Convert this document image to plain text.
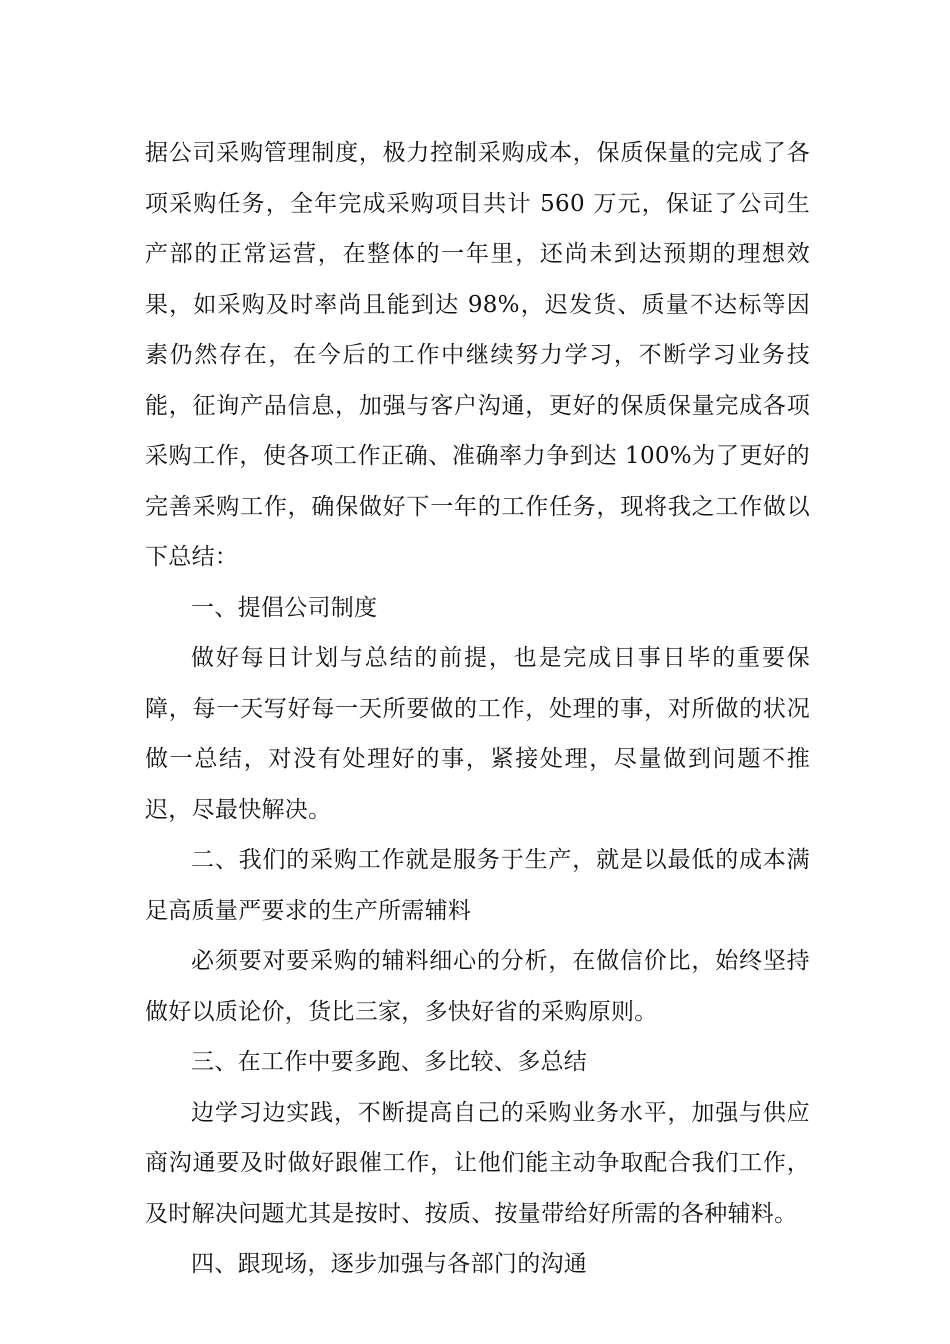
据公司采购管理制度，极力控制采购成本，保质保量的完成了各项采购任务，全年完成采购项目共计 560 万元，保证了公司生产部的正常运营，在整体的一年里，还尚未到达预期的理想效果，如采购及时率尚且能到达 98%，迟发货、质量不达标等因素仍然存在，在今后的工作中继续努力学习，不断学习业务技能，征询产品信息，加强与客户沟通，更好的保质保量完成各项采购工作，使各项工作正确、准确率力争到达 100%为了更好的完善采购工作，确保做好下一年的工作任务，现将我之工作做以下总结：

一、提倡公司制度

做好每日计划与总结的前提，也是完成日事日毕的重要保障，每一天写好每一天所要做的工作，处理的事，对所做的状况做一总结，对没有处理好的事，紧接处理，尽量做到问题不推迟，尽最快解决。

二、我们的采购工作就是服务于生产，就是以最低的成本满足高质量严要求的生产所需辅料

必须要对要采购的辅料细心的分析，在做信价比，始终坚持做好以质论价，货比三家，多快好省的采购原则。

三、在工作中要多跑、多比较、多总结

边学习边实践，不断提高自己的采购业务水平，加强与供应商沟通要及时做好跟催工作，让他们能主动争取配合我们工作，及时解决问题尤其是按时、按质、按量带给好所需的各种辅料。

四、跟现场，逐步加强与各部门的沟通
